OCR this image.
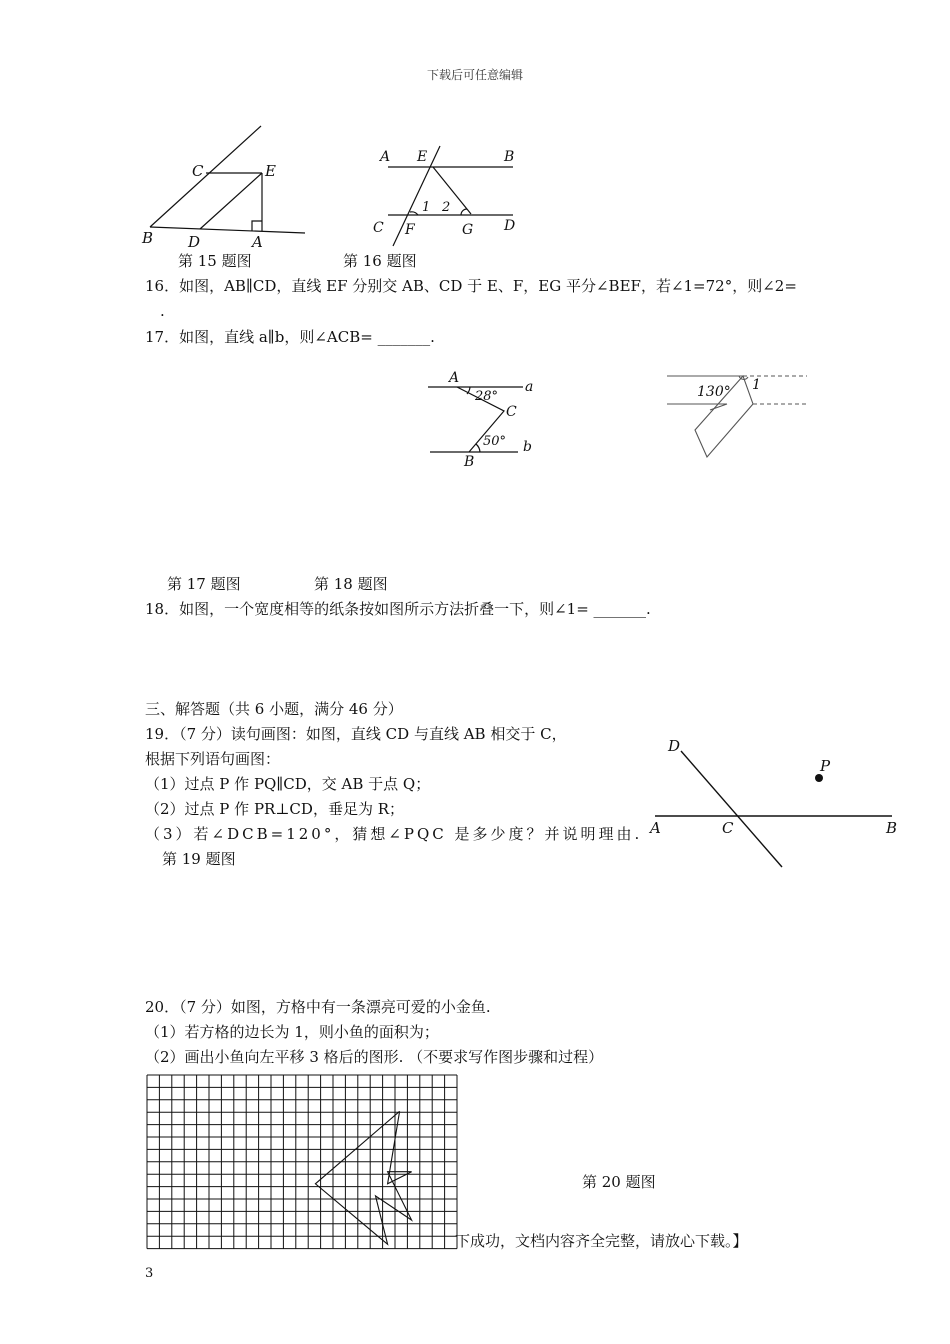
下载后可任意编辑
C	E
B D	A
A E	B
C F	G D
1 2
第 15 题图	第 16 题图
16．如图，AB∥CD，直线 EF 分别交 AB、CD 于 E、F，EG 平分∠BEF，若∠1=72°，则∠2=
.
17．如图，直线 a∥b，则∠ACB= _______.
A
a
28°
C
50° b
B
130° 1
第 17 题图	第 18 题图
18．如图，一个宽度相等的纸条按如图所示方法折叠一下，则∠1= _______.
三、解答题（共 6 小题，满分 46 分）
19．（7 分）读句画图：如图，直线 CD 与直线 AB 相交于 C，
根据下列语句画图：
（1）过点 P 作 PQ∥CD，交 AB 于点 Q；
（2）过点 P 作 PR⊥CD，垂足为 R；
（3）若∠DCB=120°，猜想∠PQC 是多少度？并说明理由.
第 19 题图
D
P
A	C	B
20．（7 分）如图，方格中有一条漂亮可爱的小金鱼.
（1）若方格的边长为 1，则小鱼的面积为；
（2）画出小鱼向左平移 3 格后的图形. （不要求写作图步骤和过程）
第 20 题图
下成功，文档内容齐全完整，请放心下载。】
3
